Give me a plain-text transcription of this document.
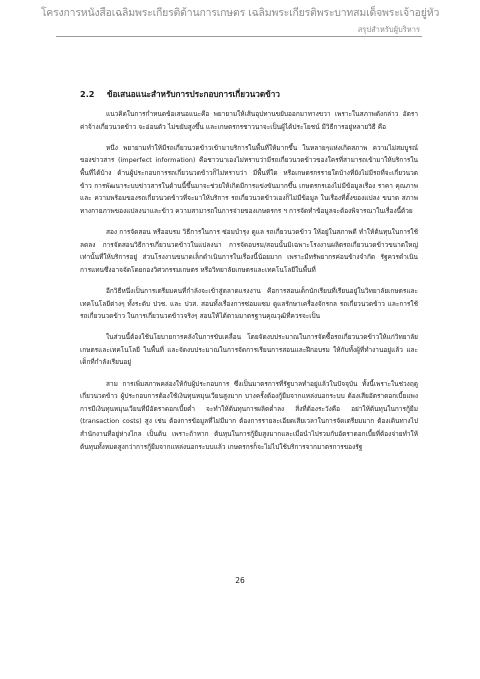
โครงการหนังสือเฉลิมพระเกียรติด้านการเกษตร เฉลิมพระเกียรติพระบาทสมเด็จพระเจ้าอยู่หัว
สรุปสำหรับผู้บริหาร
2.2 ข้อเสนอแนะสำหรับการประกอบการเกี่ยวนวดข้าว

แนวคิดในการกำหนดข้อเสนอแนะคือ พยายามให้เส้นอุปทานขยับออกมาทางขวา เพราะในสภาพดังกล่าว อัตราค่าจ้างเกี่ยวนวดข้าว จะอ่อนตัว ไม่ขยับสูงขึ้น และเกษตรกรชาวนาจะเป็นผู้ได้ประโยชน์ มีวิธีการอยู่หลายวิธี คือ

หนึ่ง พยายามทำให้มีรถเกี่ยวนวดข้าวเข้ามาบริการในพื้นที่ให้มากขึ้น ในหลายๆแห่งเกิดสภาพ ความไม่สมบูรณ์ของข่าวสาร (imperfect information) คือชาวนาเองไม่ทราบว่ามีรถเกี่ยวนวดข้าวของใครที่สามารถเข้ามาให้บริการในพื้นที่ได้บ้าง ด้านผู้ประกอบการรถเกี่ยวนวดข้าวก็ไม่ทราบว่า มีพื้นที่ใด หรือเกษตรกรรายใดบ้างที่ยังไม่มีรถที่จะเกี่ยวนวดข้าว การพัฒนาระบบข่าวสารในด้านนี้ขึ้นมาจะช่วยให้เกิดมีการแข่งขันมากขึ้น เกษตรกรเองไม่มีข้อมูลเรื่อง ราคา คุณภาพ และ ความพร้อมของรถเกี่ยวนวดข้าวที่จะมาให้บริการ รถเกี่ยวนวดข้าวเองก็ไม่มีข้อมูล ในเรื่องที่ตั้งของแปลง ขนาด สภาพทางกายภาพของแปลงนาและข้าว ความสามารถในการจ่ายของเกษตรกร ฯ การจัดทำข้อมูลจะต้องพิจารณาในเรื่องนี้ด้วย

สอง การจัดสอน หรืออบรม วิธีการในการ ซ่อมบำรุง ดูแล รถเกี่ยวนวดข้าว ให้อยู่ในสภาพดี ทำให้ต้นทุนในการใช้ลดลง การจัดสอนวิธีการเกี่ยวนวดข้าวในแปลงนา การจัดอบรม/สอนนั้นมิเฉพาะโรงงานผลิตรถเกี่ยวนวดข้าวขนาดใหญ่เท่านั้นที่ให้บริการอยู่ ส่วนโรงงานขนาดเล็กดำเนินการในเรื่องนี้น้อยมาก เพราะมีทรัพยากรค่อนข้างจำกัด รัฐควรดำเนินการแทนซึ่งอาจจัดโดยกองวิศวกรรมเกษตร หรือวิทยาลัยเกษตรและเทคโนโลยีในพื้นที่

อีกวิธีหนึ่งเป็นการเตรียมคนที่กำลังจะเข้าสู่ตลาดแรงงาน คือการสอนเด็กนักเรียนที่เรียนอยู่ในวิทยาลัยเกษตรและเทคโนโลยีต่างๆ ทั้งระดับ ปวช. และ ปวส. สอนทั้งเรื่องการซ่อมแซม ดูแลรักษาเครื่องจักรกล รถเกี่ยวนวดข้าว และการใช้รถเกี่ยวนวดข้าว ในการเกี่ยวนวดข้าวจริงๆ สอนให้ได้ตามมาตรฐานคุณวุฒิที่ควรจะเป็น

ในส่วนนี้ต้องใช้นโยบายการคลังในการขับเคลื่อน โดยจัดงบประมาณในการจัดซื้อรถเกี่ยวนวดข้าวให้แก่วิทยาลัยเกษตรและเทคโนโลยี ในพื้นที่ และจัดงบประมาณในการจัดการเรียนการสอนและฝึกอบรม ให้กับทั้งผู้ที่ทำงานอยู่แล้ว และเด็กที่กำลังเรียนอยู่

สาม การเพิ่มสภาพคล่องให้กับผู้ประกอบการ ซึ่งเป็นมาตรการที่รัฐบาลทำอยู่แล้วในปัจจุบัน ทั้งนี้เพราะในช่วงฤดูเกี่ยวนวดข้าว ผู้ประกอบการต้องใช้เงินทุนหมุนเวียนสูงมาก บางครั้งต้องกู้ยืมจากแหล่งนอกระบบ ต้องเสียอัตราดอกเบี้ยแพง การมีเงินทุนหมุนเวียนที่มีอัตราดอกเบี้ยต่ำ จะทำให้ต้นทุนการผลิตต่ำลง สิ่งที่ต้องระวังคือ อย่าให้ต้นทุนในการกู้ยืม (transaction costs) สูง เช่น ต้องการข้อมูลที่ไม่มีมาก ต้องการรายละเอียดเสียเวลาในการจัดเตรียมมาก ต้องเดินทางไปสำนักงานที่อยู่ห่างไกล เป็นต้น เพราะถ้าหาก ต้นทุนในการกู้ยืมสูงมากและเมื่อนำไปรวมกับอัตราดอกเบี้ยที่ต้องจ่ายทำให้ต้นทุนทั้งหมดสูงกว่าการกู้ยืมจากแหล่งนอกระบบแล้ว เกษตรกรก็จะไม่ไปใช้บริการจากมาตรการของรัฐ

26
